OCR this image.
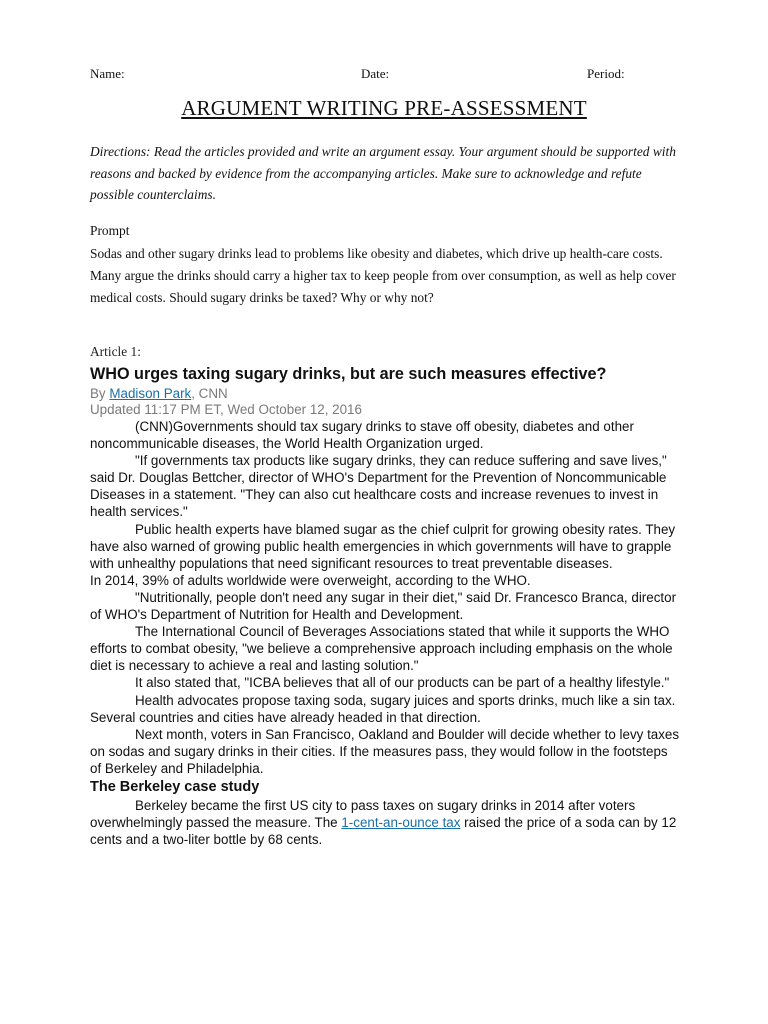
Name:	Date:	Period:
ARGUMENT WRITING PRE-ASSESSMENT
Directions: Read the articles provided and write an argument essay. Your argument should be supported with reasons and backed by evidence from the accompanying articles. Make sure to acknowledge and refute possible counterclaims.
Prompt
Sodas and other sugary drinks lead to problems like obesity and diabetes, which drive up health-care costs. Many argue the drinks should carry a higher tax to keep people from over consumption, as well as help cover medical costs. Should sugary drinks be taxed? Why or why not?
Article 1:
WHO urges taxing sugary drinks, but are such measures effective?
By Madison Park, CNN
Updated 11:17 PM ET, Wed October 12, 2016

(CNN)Governments should tax sugary drinks to stave off obesity, diabetes and other noncommunicable diseases, the World Health Organization urged.

"If governments tax products like sugary drinks, they can reduce suffering and save lives," said Dr. Douglas Bettcher, director of WHO's Department for the Prevention of Noncommunicable Diseases in a statement. "They can also cut healthcare costs and increase revenues to invest in health services."

Public health experts have blamed sugar as the chief culprit for growing obesity rates. They have also warned of growing public health emergencies in which governments will have to grapple with unhealthy populations that need significant resources to treat preventable diseases.

In 2014, 39% of adults worldwide were overweight, according to the WHO.

"Nutritionally, people don't need any sugar in their diet," said Dr. Francesco Branca, director of WHO's Department of Nutrition for Health and Development.

The International Council of Beverages Associations stated that while it supports the WHO efforts to combat obesity, "we believe a comprehensive approach including emphasis on the whole diet is necessary to achieve a real and lasting solution."

It also stated that, "ICBA believes that all of our products can be part of a healthy lifestyle."

Health advocates propose taxing soda, sugary juices and sports drinks, much like a sin tax. Several countries and cities have already headed in that direction.

Next month, voters in San Francisco, Oakland and Boulder will decide whether to levy taxes on sodas and sugary drinks in their cities. If the measures pass, they would follow in the footsteps of Berkeley and Philadelphia.

The Berkeley case study

Berkeley became the first US city to pass taxes on sugary drinks in 2014 after voters overwhelmingly passed the measure. The 1-cent-an-ounce tax raised the price of a soda can by 12 cents and a two-liter bottle by 68 cents.
